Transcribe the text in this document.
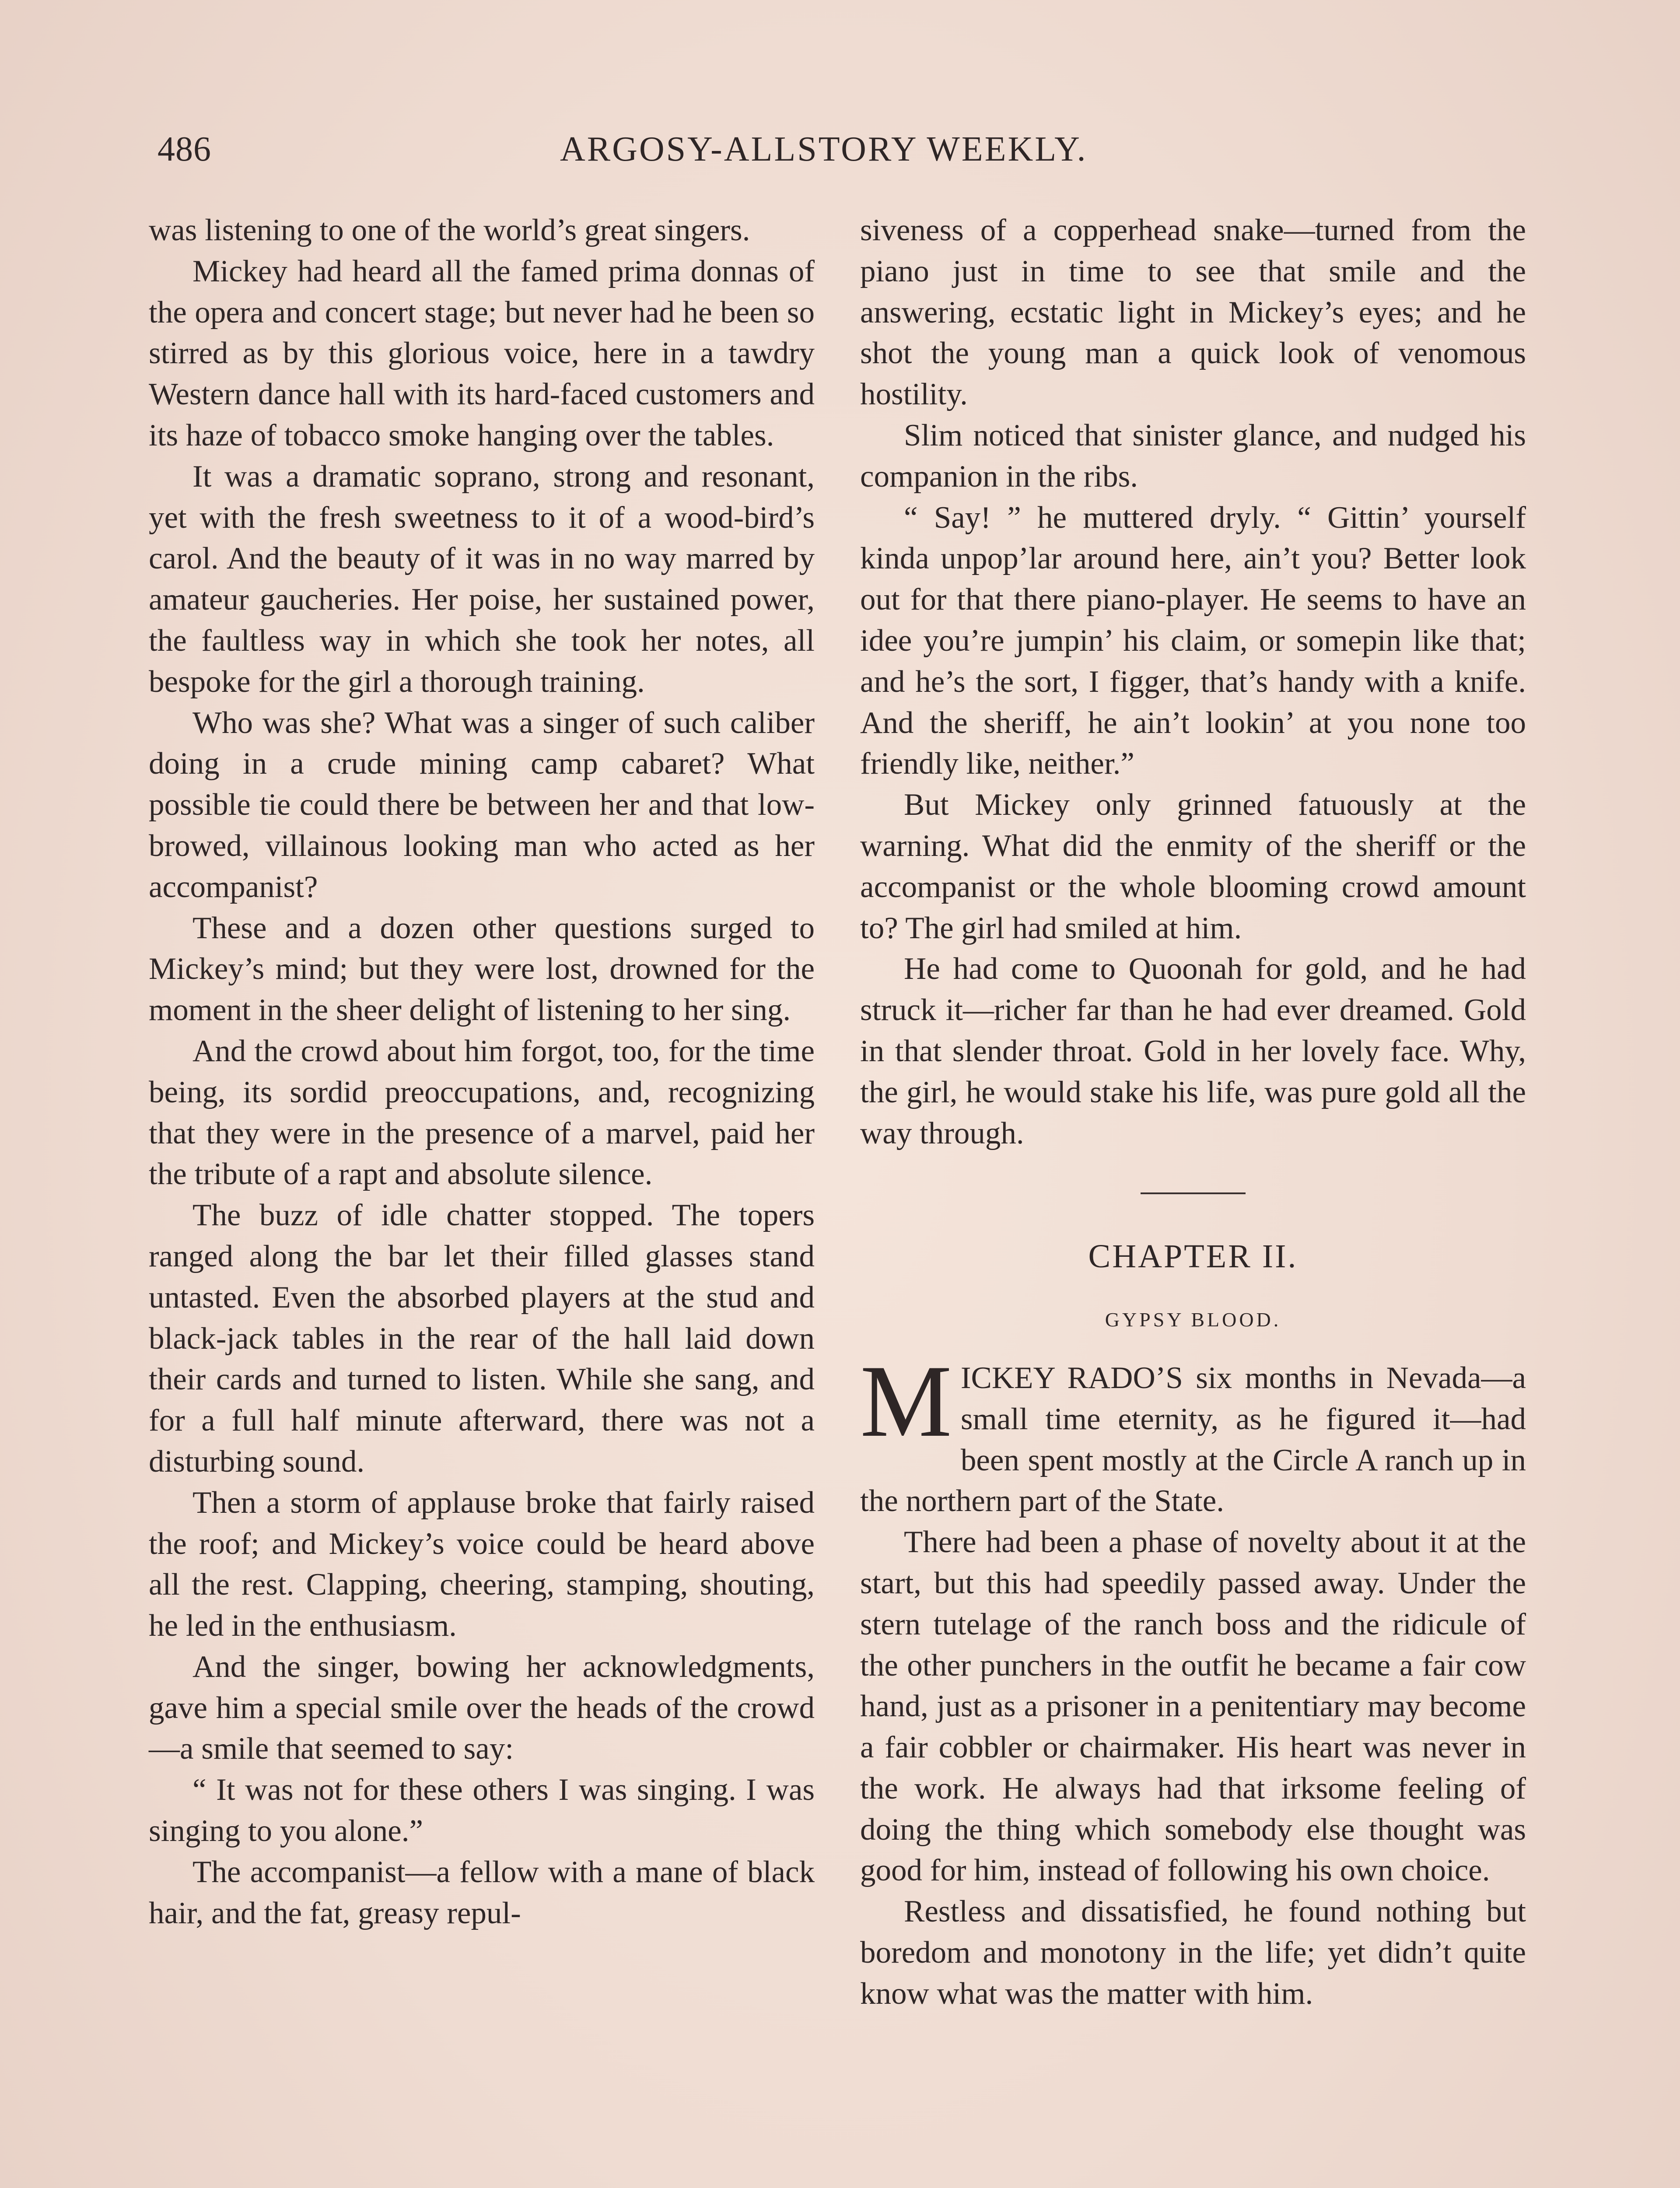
486	ARGOSY-ALLSTORY WEEKLY.

was listening to one of the world’s great singers.

Mickey had heard all the famed prima donnas of the opera and concert stage; but never had he been so stirred as by this glorious voice, here in a tawdry Western dance hall with its hard-faced customers and its haze of tobacco smoke hanging over the tables.

It was a dramatic soprano, strong and resonant, yet with the fresh sweetness to it of a wood-bird’s carol. And the beauty of it was in no way marred by amateur gaucheries. Her poise, her sustained power, the faultless way in which she took her notes, all bespoke for the girl a thorough training.

Who was she? What was a singer of such caliber doing in a crude mining camp cabaret? What possible tie could there be between her and that low-browed, villainous looking man who acted as her accompanist?

These and a dozen other questions surged to Mickey’s mind; but they were lost, drowned for the moment in the sheer delight of listening to her sing.

And the crowd about him forgot, too, for the time being, its sordid preoccupations, and, recognizing that they were in the presence of a marvel, paid her the tribute of a rapt and absolute silence.

The buzz of idle chatter stopped. The topers ranged along the bar let their filled glasses stand untasted. Even the absorbed players at the stud and black-jack tables in the rear of the hall laid down their cards and turned to listen. While she sang, and for a full half minute afterward, there was not a disturbing sound.

Then a storm of applause broke that fairly raised the roof; and Mickey’s voice could be heard above all the rest. Clapping, cheering, stamping, shouting, he led in the enthusiasm.

And the singer, bowing her acknowledgments, gave him a special smile over the heads of the crowd—a smile that seemed to say:

“ It was not for these others I was singing. I was singing to you alone.”

The accompanist—a fellow with a mane of black hair, and the fat, greasy repul-

siveness of a copperhead snake—turned from the piano just in time to see that smile and the answering, ecstatic light in Mickey’s eyes; and he shot the young man a quick look of venomous hostility.

Slim noticed that sinister glance, and nudged his companion in the ribs.

“ Say! ” he muttered dryly. “ Gittin’ yourself kinda unpop’lar around here, ain’t you? Better look out for that there piano-player. He seems to have an idee you’re jumpin’ his claim, or somepin like that; and he’s the sort, I figger, that’s handy with a knife. And the sheriff, he ain’t lookin’ at you none too friendly like, neither.”

But Mickey only grinned fatuously at the warning. What did the enmity of the sheriff or the accompanist or the whole blooming crowd amount to? The girl had smiled at him.

He had come to Quoonah for gold, and he had struck it—richer far than he had ever dreamed. Gold in that slender throat. Gold in her lovely face. Why, the girl, he would stake his life, was pure gold all the way through.

CHAPTER II.
GYPSY BLOOD.

MICKEY RADO’S six months in Nevada—a small time eternity, as he figured it—had been spent mostly at the Circle A ranch up in the northern part of the State.

There had been a phase of novelty about it at the start, but this had speedily passed away. Under the stern tutelage of the ranch boss and the ridicule of the other punchers in the outfit he became a fair cow hand, just as a prisoner in a penitentiary may become a fair cobbler or chairmaker. His heart was never in the work. He always had that irksome feeling of doing the thing which somebody else thought was good for him, instead of following his own choice.

Restless and dissatisfied, he found nothing but boredom and monotony in the life; yet didn’t quite know what was the matter with him.
